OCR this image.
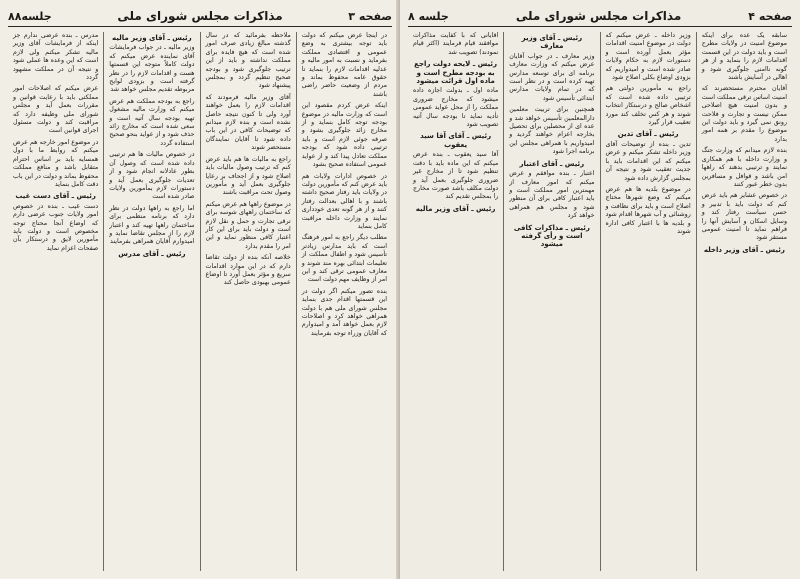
صفحه ۳
مذاکرات مجلس شورای ملی
جلسه۸۸

در اینجا عرض میکنم که دولت باید توجه بیشتری به وضع عمومی و اقتصادی مملکت بفرماید و نسبت به امور مالیه و عدلیه اقدامات لازم را بنماید تا حقوق عامه محفوظ بماند و مردم از وضعیت حاضر راضی باشند

اینکه عرض کردم مقصود این است که وزارت مالیه در موضوع بودجه توجه کامل بنماید و از مخارج زائد جلوگیری بشود و صرفه جوئی لازم است و باید ترتیبی داده شود که بودجه مملکت تعادل پیدا کند و از عواید عمومی استفاده صحیح بشود

در خصوص ادارات ولایات هم باید عرض کنم که مأمورین دولت در ولایات باید رفتار صحیح داشته باشند و با اهالی بعدالت رفتار کنند و از هر گونه تعدی خودداری نمایند و وزارت داخله مراقبت کامل بنماید

مطلب دیگر راجع به امور فرهنگ است که باید مدارس زیادتر تأسیس شود و اطفال مملکت از تعلیمات ابتدائی بهره مند شوند و معارف عمومی ترقی کند و این امر از وظایف مهم دولت است

بنده تصور میکنم اگر دولت در این قسمتها اقدام جدی بنماید مجلس شورای ملی هم با دولت همراهی خواهد کرد و اصلاحات لازم بعمل خواهد آمد و امیدوارم که آقایان وزراء توجه بفرمایند

ملاحظه بفرمائید که در سال گذشته مبالغ زیادی صرف امور شده است که هیچ فایده برای مملکت نداشته و باید از این ترتیب جلوگیری شود و بودجه صحیح تنظیم گردد و بمجلس پیشنهاد شود

آقای وزیر مالیه فرمودند که اقدامات لازم را بعمل خواهند آورد ولی تا کنون نتیجه حاصل نشده است و بنده لازم میدانم که توضیحات کافی در این باب داده شود تا آقایان نمایندگان مستحضر شوند

راجع به مالیات ها هم باید عرض کنم که ترتیب وصول مالیات باید اصلاح شود و از اجحاف بر رعایا جلوگیری بعمل آید و مأمورین وصول تحت مراقبت باشند

در موضوع راهها هم عرض میکنم که ساختمان راههای شوسه برای ترقی تجارت و حمل و نقل لازم است و دولت باید برای این کار اعتبار کافی منظور نماید و این امر را مقدم بدارد

خلاصه آنکه بنده از دولت تقاضا دارم که در این موارد اقدامات سریع و مؤثر بعمل آورد تا اوضاع عمومی بهبودی حاصل کند

رئیس ـ آقای وزیر مالیه

وزیر مالیه ـ در جواب فرمایشات آقای نماینده عرض میکنم که دولت کاملاً متوجه این قسمتها هست و اقدامات لازم را در نظر گرفته است و بزودی لوایح مربوطه تقدیم مجلس خواهد شد

راجع به بودجه مملکت هم عرض میکنم که وزارت مالیه مشغول تهیه بودجه سال آتیه است و سعی شده است که مخارج زائد حذف شود و از عواید بنحو صحیح استفاده گردد

در خصوص مالیات ها هم ترتیبی داده شده است که وصول آن بطور عادلانه انجام شود و از تعدیات جلوگیری بعمل آید و دستورات لازم بمأمورین ولایات صادر شده است

اما راجع به راهها دولت در نظر دارد که برنامه منظمی برای ساختمان راهها تهیه کند و اعتبار لازم را از مجلس تقاضا نماید و امیدوارم آقایان همراهی بفرمایند

رئیس ـ آقای مدرس

مدرس ـ بنده عرضی ندارم جز اینکه از فرمایشات آقای وزیر مالیه تشکر میکنم ولی لازم است که این وعده ها عملی شود و نتیجه آن در مملکت مشهود گردد

عرض میکنم که اصلاحات امور مملکتی باید با رعایت قوانین و مقررات بعمل آید و مجلس شورای ملی وظیفه دارد که مراقبت کند و دولت مسئول اجرای قوانین است

در موضوع امور خارجه هم عرض میکنم که روابط ما با دول همسایه باید بر اساس احترام متقابل باشد و منافع مملکت محفوظ بماند و دولت در این باب دقت کامل بنماید

رئیس ـ آقای دست غیب

دست غیب ـ بنده در خصوص امور ولایات جنوب عرضی دارم که اوضاع آنجا محتاج توجه مخصوص است و دولت باید مأمورین لایق و درستکار بآن صفحات اعزام نماید

صفحه ۴
مذاکرات مجلس شورای ملی
جلسه ۸

سابقه یک عده برای اینکه موضوع امنیت در ولایات مطرح است و باید دولت در این قسمت اقدامات لازم را بنماید و از هر گونه ناامنی جلوگیری شود و اهالی در آسایش باشند

آقایان محترم مستحضرند که امنیت اساس ترقی مملکت است و بدون امنیت هیچ اصلاحی ممکن نیست و تجارت و فلاحت رونق نمی گیرد و باید دولت این موضوع را مقدم بر همه امور بدارد

بنده لازم میدانم که وزارت جنگ و وزارت داخله با هم همکاری نمایند و ترتیبی بدهند که راهها امن باشد و قوافل و مسافرین بدون خطر عبور کنند

در خصوص عشایر هم باید عرض کنم که دولت باید با تدبیر و حسن سیاست رفتار کند و وسایل اسکان و آسایش آنها را فراهم نماید تا امنیت عمومی مستقر شود

رئیس ـ آقای وزیر داخله

وزیر داخله ـ عرض میکنم که دولت در موضوع امنیت اقدامات مؤثر بعمل آورده است و دستورات لازم به حکام ولایات صادر شده است و امیدواریم که بزودی اوضاع بکلی اصلاح شود

راجع به مأمورین دولتی هم ترتیبی داده شده است که اشخاص صالح و درستکار انتخاب شوند و هر کس تخلف کند مورد تعقیب قرار گیرد

رئیس ـ آقای تدین

تدین ـ بنده از توضیحات آقای وزیر داخله تشکر میکنم و عرض میکنم که این اقدامات باید با جدیت تعقیب شود و نتیجه آن بمجلس گزارش داده شود

در موضوع بلدیه ها هم عرض میکنم که وضع شهرها محتاج اصلاح است و باید برای نظافت و روشنائی و آب شهرها اقدام شود و بلدیه ها با اعتبار کافی اداره شوند

رئیس ـ آقای وزیر معارف

وزیر معارف ـ در جواب آقایان عرض میکنم که وزارت معارف برنامه ای برای توسعه مدارس تهیه کرده است و در نظر است که در تمام ولایات مدارس ابتدائی تأسیس شود

همچنین برای تربیت معلمین دارالمعلمین تأسیس خواهد شد و عده ای از محصلین برای تحصیل بخارجه اعزام خواهند گردید و امیدواریم با همراهی مجلس این برنامه اجرا شود

رئیس ـ آقای اعتبار

اعتبار ـ بنده موافقم و عرض میکنم که امور معارف از مهمترین امور مملکت است و باید اعتبار کافی برای آن منظور شود و مجلس هم همراهی خواهد کرد

رئیس ـ مذاکرات کافی است و رأی گرفته میشود

آقایانی که با کفایت مذاکرات موافقند قیام فرمایند (اکثر قیام نمودند) تصویب شد

رئیس ـ لایحه دولت راجع به بودجه مطرح است و ماده اول قرائت میشود

ماده اول ـ بدولت اجازه داده میشود که مخارج ضروری مملکت را از محل عواید عمومی تأدیه نماید تا بودجه سال آتیه تصویب شود

رئیس ـ آقای آقا سید یعقوب

آقا سید یعقوب ـ بنده عرض میکنم که این ماده باید با دقت تنظیم شود تا از مخارج غیر ضروری جلوگیری بعمل آید و دولت مکلف باشد صورت مخارج را بمجلس تقدیم کند

رئیس ـ آقای وزیر مالیه
